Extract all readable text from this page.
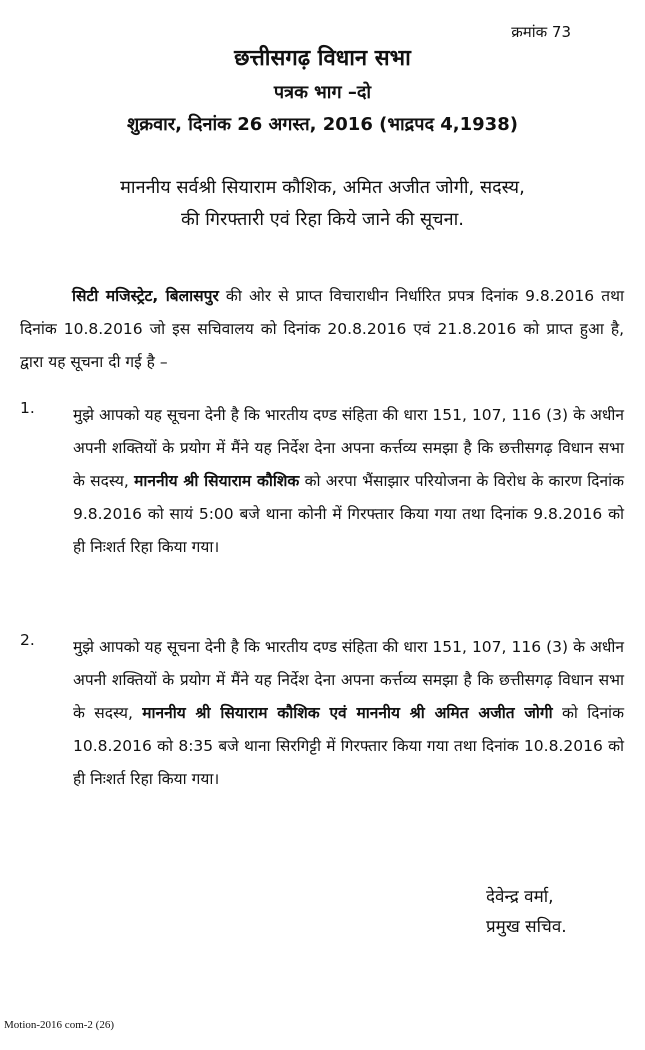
क्रमांक 73
छत्तीसगढ़ विधान सभा
पत्रक भाग –दो
शुक्रवार, दिनांक 26 अगस्त, 2016 (भाद्रपद 4,1938)
माननीय सर्वश्री सियाराम कौशिक, अमित अजीत जोगी, सदस्य,
की गिरफ्तारी एवं रिहा किये जाने की सूचना.
सिटी मजिस्ट्रेट, बिलासपुर की ओर से प्राप्त विचाराधीन निर्धारित प्रपत्र दिनांक 9.8.2016 तथा दिनांक 10.8.2016 जो इस सचिवालय को दिनांक 20.8.2016 एवं 21.8.2016 को प्राप्त हुआ है, द्वारा यह सूचना दी गई है –
1. मुझे आपको यह सूचना देनी है कि भारतीय दण्ड संहिता की धारा 151, 107, 116 (3) के अधीन अपनी शक्तियों के प्रयोग में मैंने यह निर्देश देना अपना कर्त्तव्य समझा है कि छत्तीसगढ़ विधान सभा के सदस्य, माननीय श्री सियाराम कौशिक को अरपा भैंसाझार परियोजना के विरोध के कारण दिनांक 9.8.2016 को सायं 5:00 बजे थाना कोनी में गिरफ्तार किया गया तथा दिनांक 9.8.2016 को ही निःशर्त रिहा किया गया।
2. मुझे आपको यह सूचना देनी है कि भारतीय दण्ड संहिता की धारा 151, 107, 116 (3) के अधीन अपनी शक्तियों के प्रयोग में मैंने यह निर्देश देना अपना कर्त्तव्य समझा है कि छत्तीसगढ़ विधान सभा के सदस्य, माननीय श्री सियाराम कौशिक एवं माननीय श्री अमित अजीत जोगी को दिनांक 10.8.2016 को 8:35 बजे थाना सिरगिट्टी में गिरफ्तार किया गया तथा दिनांक 10.8.2016 को ही निःशर्त रिहा किया गया।
देवेन्द्र वर्मा,
प्रमुख सचिव.
Motion-2016 com-2 (26)
